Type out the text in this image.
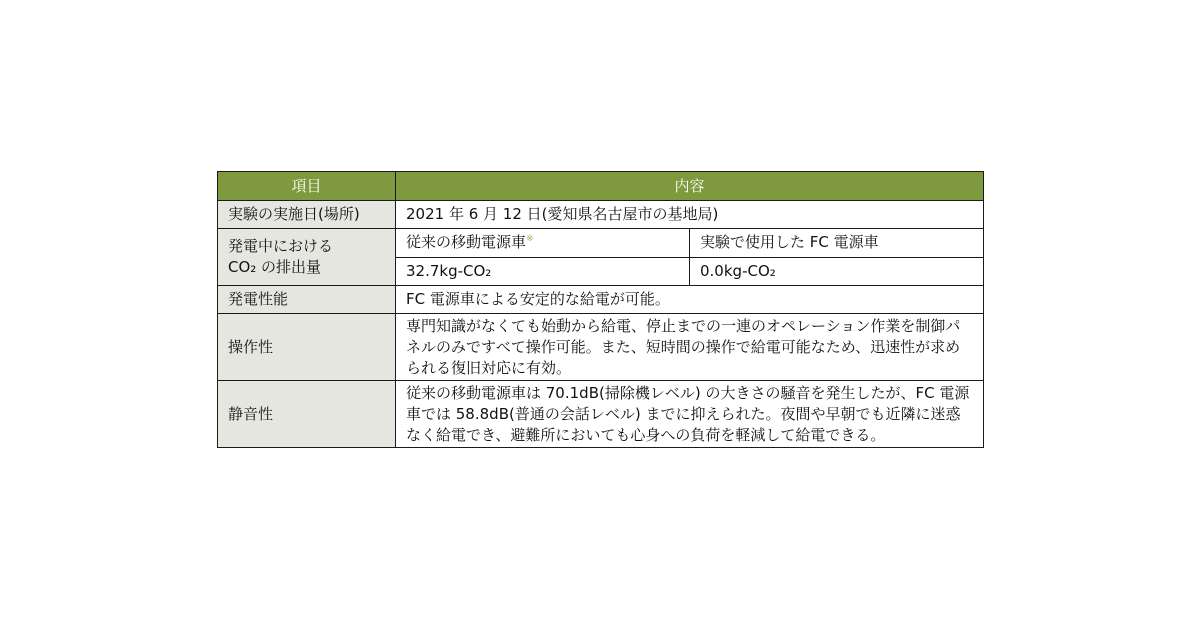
項目	内容	
実験の実施日(場所)	2021 年 6 月 12 日(愛知県名古屋市の基地局)	

発電中における
CO₂ の排出量	従来の移動電源車※	実験で使用した FC 電源車
	32.7kg-CO₂	0.0kg-CO₂
発電性能	FC 電源車による安定的な給電が可能。	
操作性	専門知識がなくても始動から給電、停止までの一連のオペレーション作業を制御パネルのみですべて操作可能。また、短時間の操作で給電可能なため、迅速性が求められる復旧対応に有効。	
静音性	従来の移動電源車は 70.1dB(掃除機レベル) の大きさの騒音を発生したが、FC 電源車では 58.8dB(普通の会話レベル) までに抑えられた。夜間や早朝でも近隣に迷惑なく給電でき、避難所においても心身への負荷を軽減して給電できる。	
